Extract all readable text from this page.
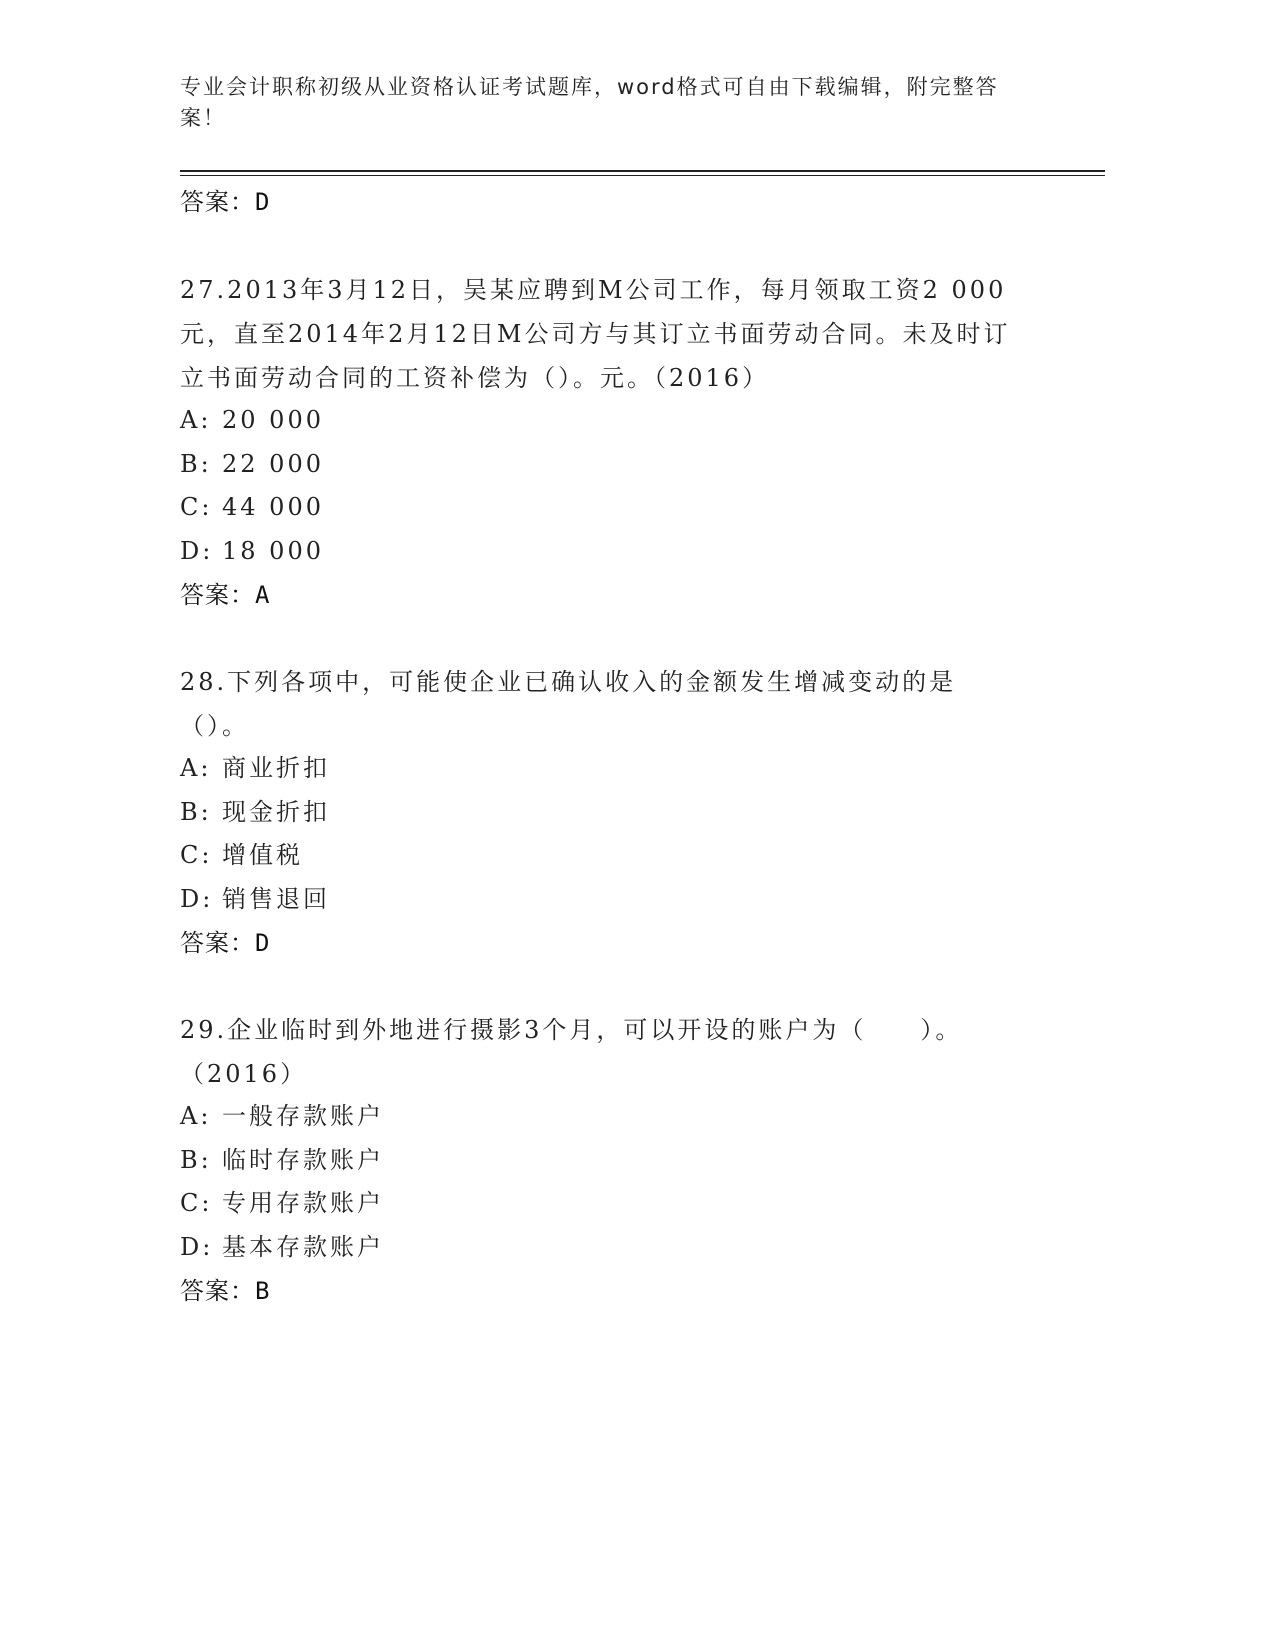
专业会计职称初级从业资格认证考试题库，word格式可自由下载编辑，附完整答案！
答案：D
27.2013年3月12日，吴某应聘到M公司工作，每月领取工资2 000元，直至2014年2月12日M公司方与其订立书面劳动合同。未及时订立书面劳动合同的工资补偿为（）。元。（2016）
A: 20 000
B: 22 000
C: 44 000
D: 18 000
答案：A
28.下列各项中，可能使企业已确认收入的金额发生增减变动的是（）。
A: 商业折扣
B: 现金折扣
C: 增值税
D: 销售退回
答案：D
29.企业临时到外地进行摄影3个月，可以开设的账户为（　　）。（2016）
A: 一般存款账户
B: 临时存款账户
C: 专用存款账户
D: 基本存款账户
答案：B
